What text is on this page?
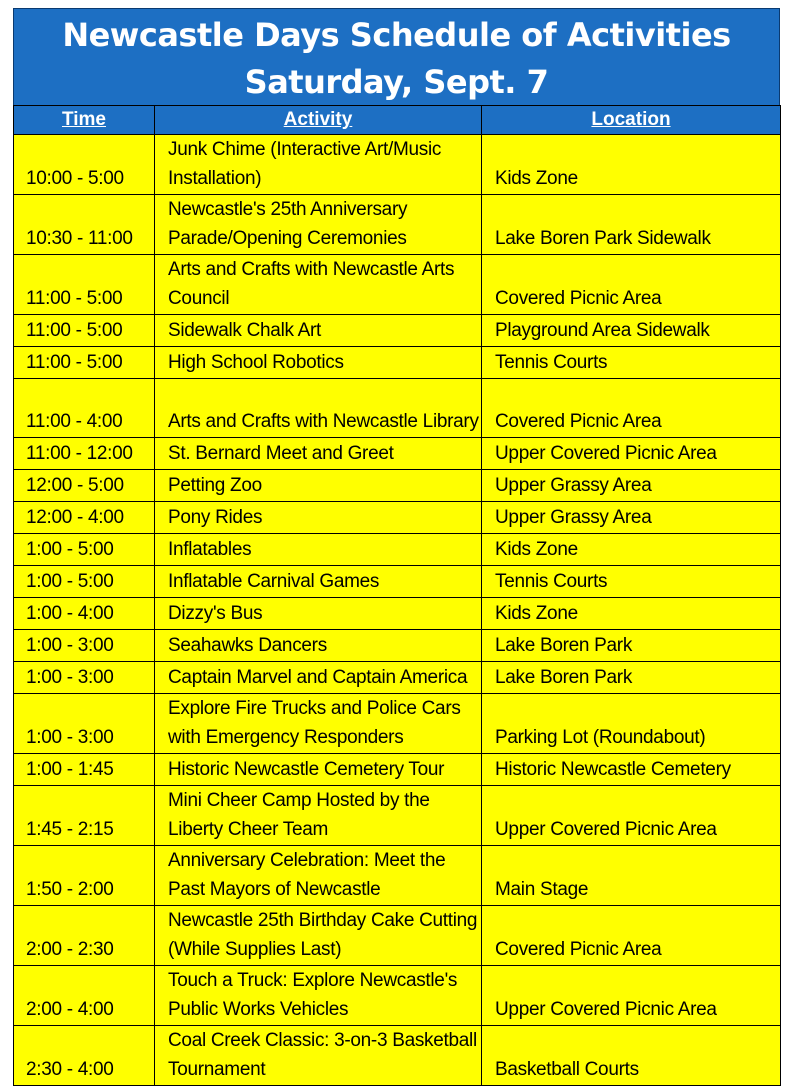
Newcastle Days Schedule of Activities
Saturday, Sept. 7
Time	Activity	Location
10:00 - 5:00	Junk Chime (Interactive Art/Music Installation)	Kids Zone
10:30 - 11:00	Newcastle's 25th Anniversary Parade/Opening Ceremonies	Lake Boren Park Sidewalk
11:00 - 5:00	Arts and Crafts with Newcastle Arts Council	Covered Picnic Area
11:00 - 5:00	Sidewalk Chalk Art	Playground Area Sidewalk
11:00 - 5:00	High School Robotics	Tennis Courts
11:00 - 4:00	Arts and Crafts with Newcastle Library	Covered Picnic Area
11:00 - 12:00	St. Bernard Meet and Greet	Upper Covered Picnic Area
12:00 - 5:00	Petting Zoo	Upper Grassy Area
12:00 - 4:00	Pony Rides	Upper Grassy Area
1:00 - 5:00	Inflatables	Kids Zone
1:00 - 5:00	Inflatable Carnival Games	Tennis Courts
1:00 - 4:00	Dizzy's Bus	Kids Zone
1:00 - 3:00	Seahawks Dancers	Lake Boren Park
1:00 - 3:00	Captain Marvel and Captain America	Lake Boren Park
1:00 - 3:00	Explore Fire Trucks and Police Cars with Emergency Responders	Parking Lot (Roundabout)
1:00 - 1:45	Historic Newcastle Cemetery Tour	Historic Newcastle Cemetery
1:45 - 2:15	Mini Cheer Camp Hosted by the Liberty Cheer Team	Upper Covered Picnic Area
1:50 - 2:00	Anniversary Celebration: Meet the Past Mayors of Newcastle	Main Stage
2:00 - 2:30	Newcastle 25th Birthday Cake Cutting (While Supplies Last)	Covered Picnic Area
2:00 - 4:00	Touch a Truck: Explore Newcastle's Public Works Vehicles	Upper Covered Picnic Area
2:30 - 4:00	Coal Creek Classic: 3-on-3 Basketball Tournament	Basketball Courts
